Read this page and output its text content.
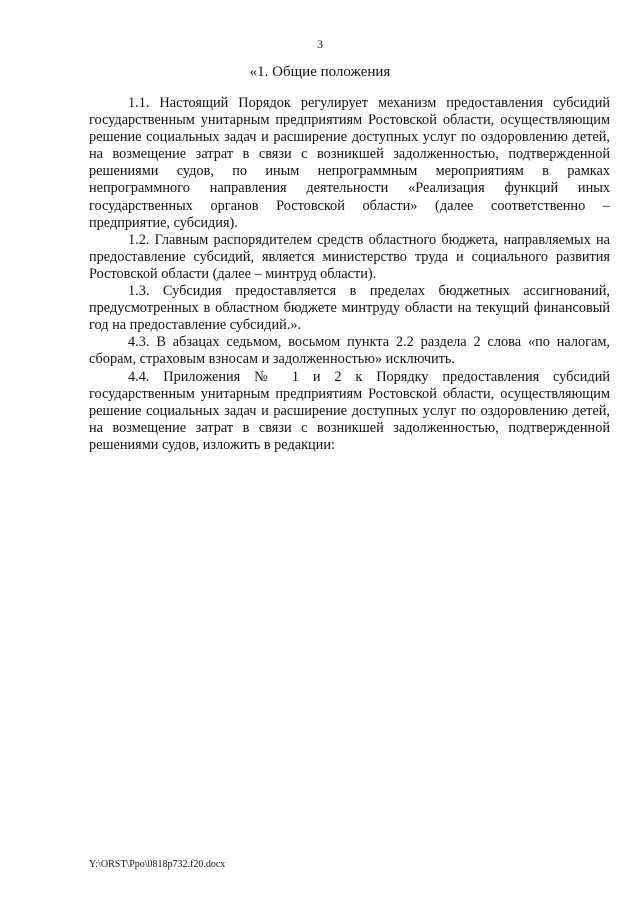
3
«1. Общие положения

1.1. Настоящий Порядок регулирует механизм предоставления субсидий государственным унитарным предприятиям Ростовской области, осуществляющим решение социальных задач и расширение доступных услуг по оздоровлению детей, на возмещение затрат в связи с возникшей задолженностью, подтвержденной решениями судов, по иным непрограммным мероприятиям в рамках непрограммного направления деятельности «Реализация функций иных государственных органов Ростовской области» (далее соответственно – предприятие, субсидия).

1.2. Главным распорядителем средств областного бюджета, направляемых на предоставление субсидий, является министерство труда и социального развития Ростовской области (далее – минтруд области).

1.3. Субсидия предоставляется в пределах бюджетных ассигнований, предусмотренных в областном бюджете минтруду области на текущий финансовый год на предоставление субсидий.».

4.3. В абзацах седьмом, восьмом пункта 2.2 раздела 2 слова «по налогам, сборам, страховым взносам и задолженностью» исключить.

4.4. Приложения № 1 и 2 к Порядку предоставления субсидий государственным унитарным предприятиям Ростовской области, осуществляющим решение социальных задач и расширение доступных услуг по оздоровлению детей, на возмещение затрат в связи с возникшей задолженностью, подтвержденной решениями судов, изложить в редакции:

Y:\ORST\Ppo\0818p732.f20.docx
